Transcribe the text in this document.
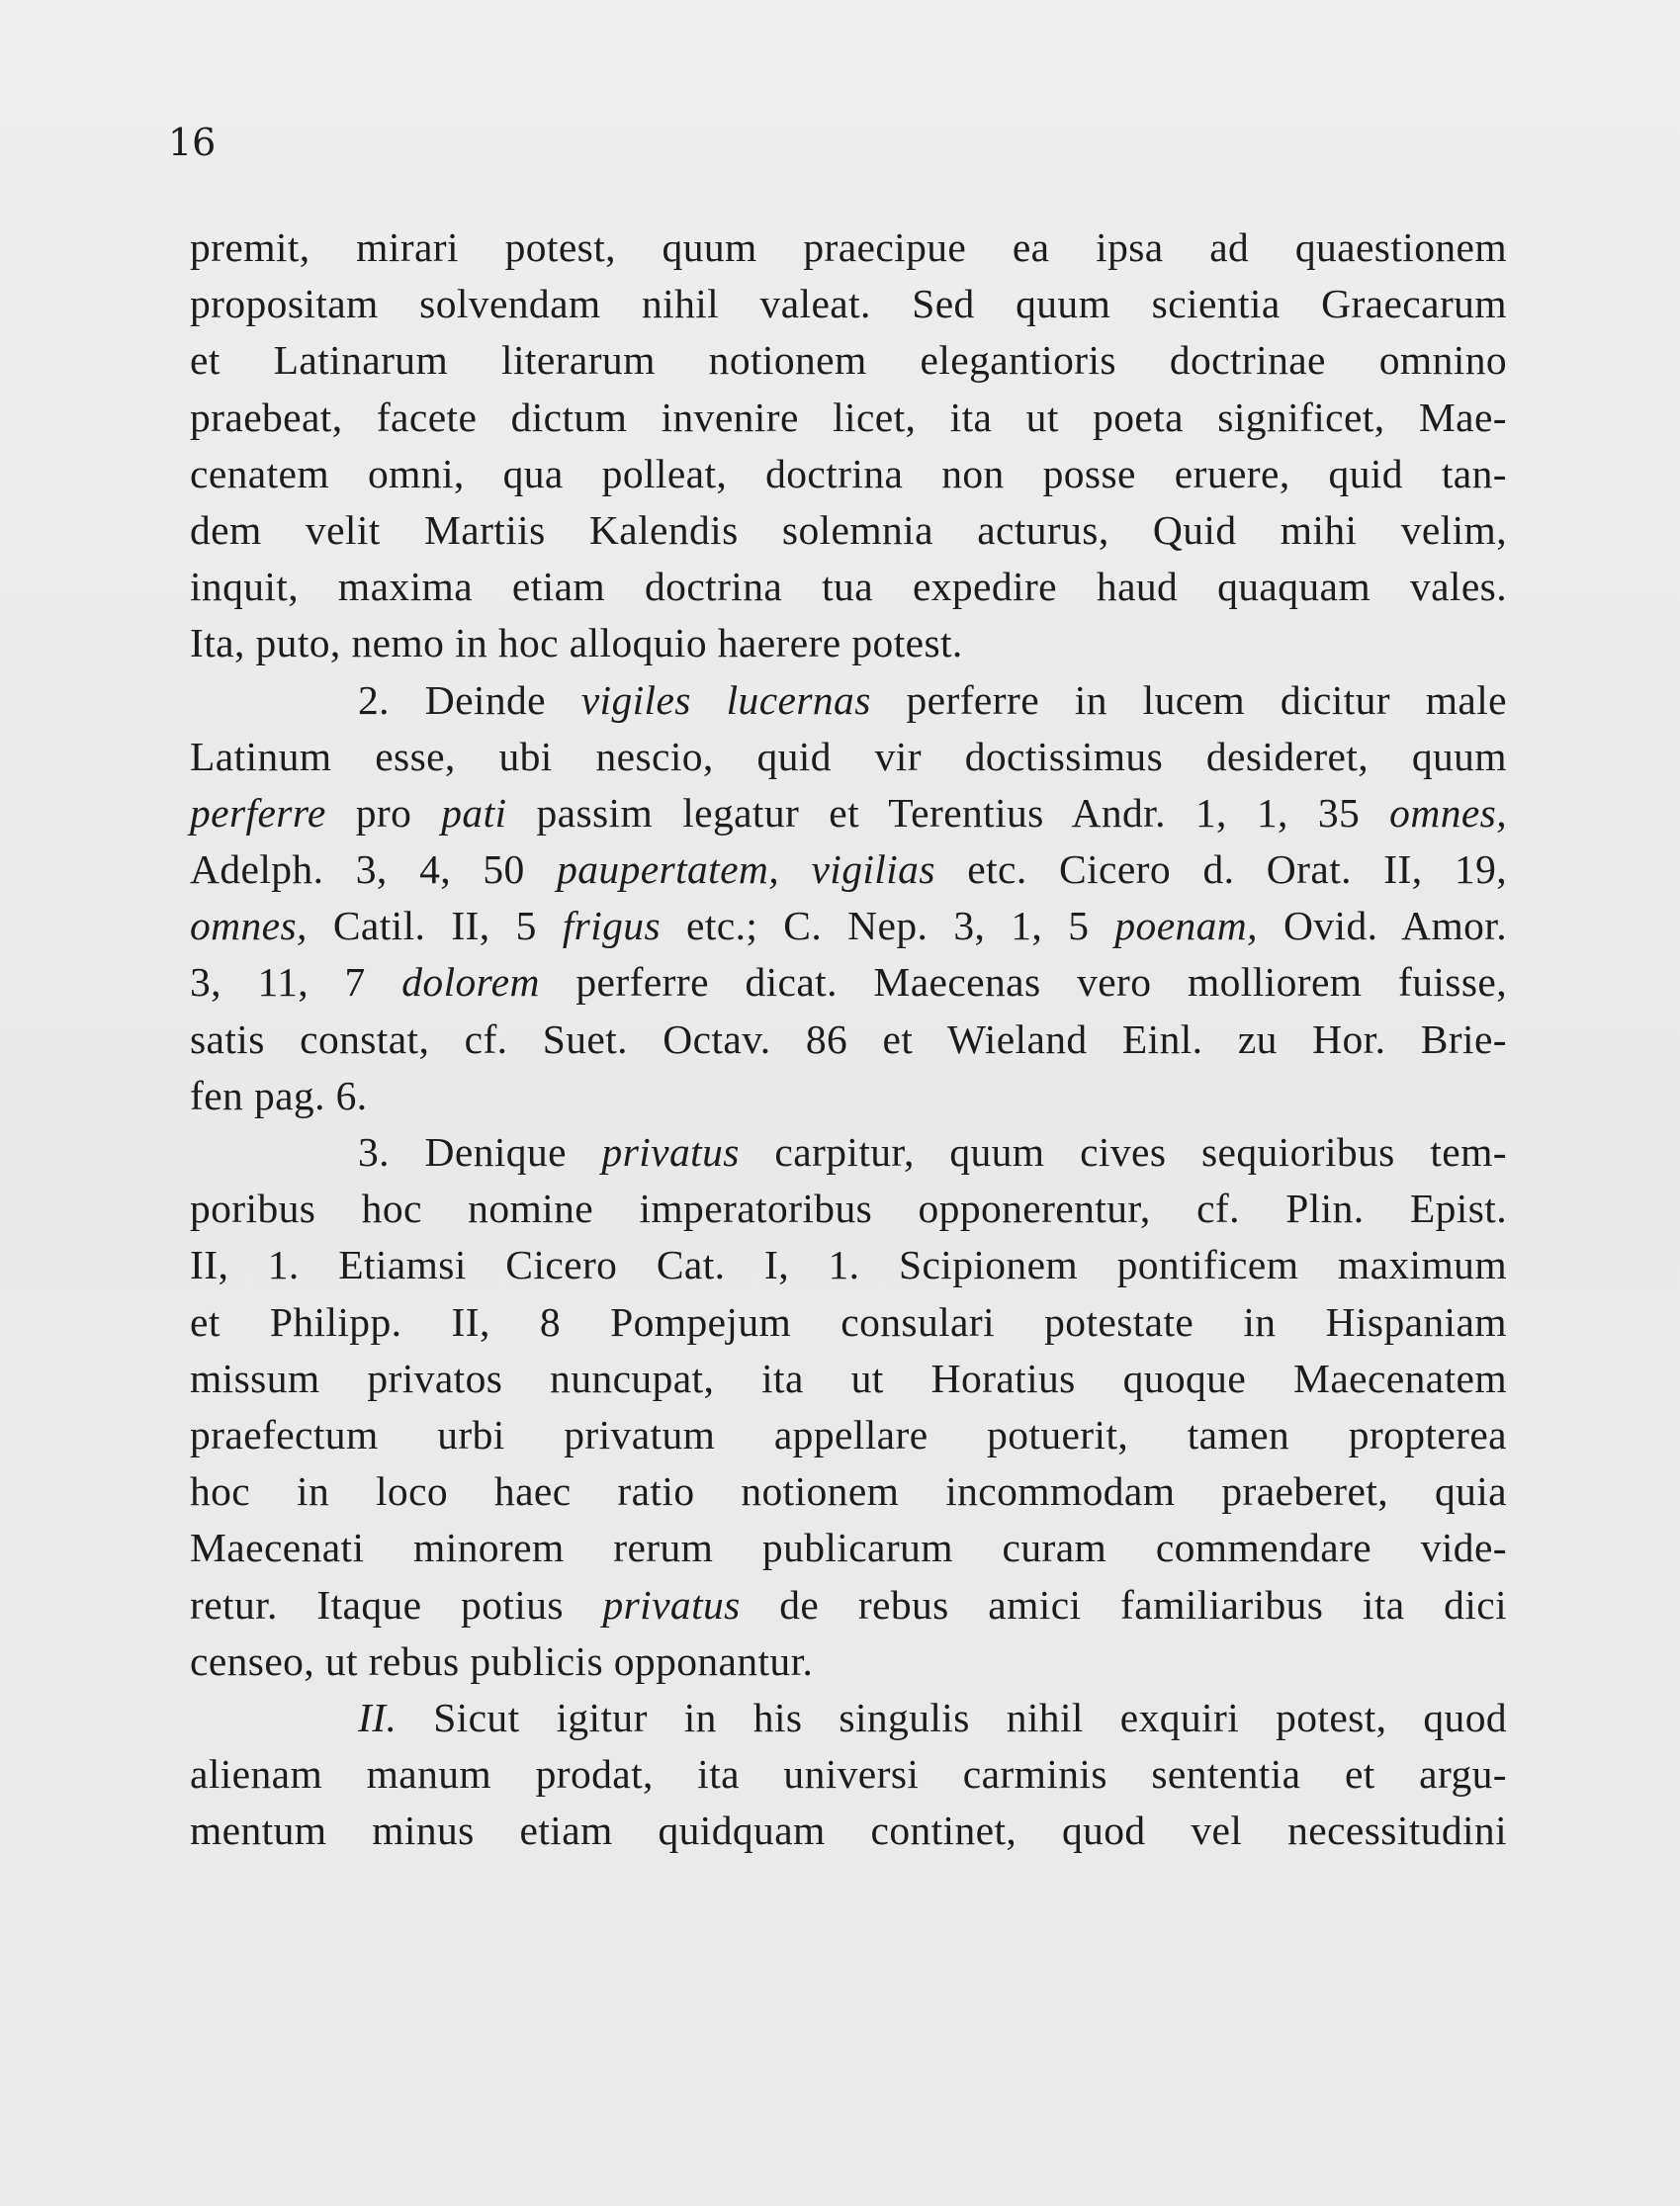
16
premit, mirari potest, quum praecipue ea ipsa ad quaestionem
propositam solvendam nihil valeat. Sed quum scientia Graecarum
et Latinarum literarum notionem elegantioris doctrinae omnino
praebeat, facete dictum invenire licet, ita ut poeta significet, Mae-
cenatem omni, qua polleat, doctrina non posse eruere, quid tan-
dem velit Martiis Kalendis solemnia acturus, Quid mihi velim,
inquit, maxima etiam doctrina tua expedire haud quaquam vales.
Ita, puto, nemo in hoc alloquio haerere potest.
2. Deinde vigiles lucernas perferre in lucem dicitur male
Latinum esse, ubi nescio, quid vir doctissimus desideret, quum
perferre pro pati passim legatur et Terentius Andr. 1, 1, 35 omnes,
Adelph. 3, 4, 50 paupertatem, vigilias etc. Cicero d. Orat. II, 19,
omnes, Catil. II, 5 frigus etc.; C. Nep. 3, 1, 5 poenam, Ovid. Amor.
3, 11, 7 dolorem perferre dicat. Maecenas vero molliorem fuisse,
satis constat, cf. Suet. Octav. 86 et Wieland Einl. zu Hor. Brie-
fen pag. 6.
3. Denique privatus carpitur, quum cives sequioribus tem-
poribus hoc nomine imperatoribus opponerentur, cf. Plin. Epist.
II, 1. Etiamsi Cicero Cat. I, 1. Scipionem pontificem maximum
et Philipp. II, 8 Pompejum consulari potestate in Hispaniam
missum privatos nuncupat, ita ut Horatius quoque Maecenatem
praefectum urbi privatum appellare potuerit, tamen propterea
hoc in loco haec ratio notionem incommodam praeberet, quia
Maecenati minorem rerum publicarum curam commendare vide-
retur. Itaque potius privatus de rebus amici familiaribus ita dici
censeo, ut rebus publicis opponantur.
II. Sicut igitur in his singulis nihil exquiri potest, quod
alienam manum prodat, ita universi carminis sententia et argu-
mentum minus etiam quidquam continet, quod vel necessitudini
